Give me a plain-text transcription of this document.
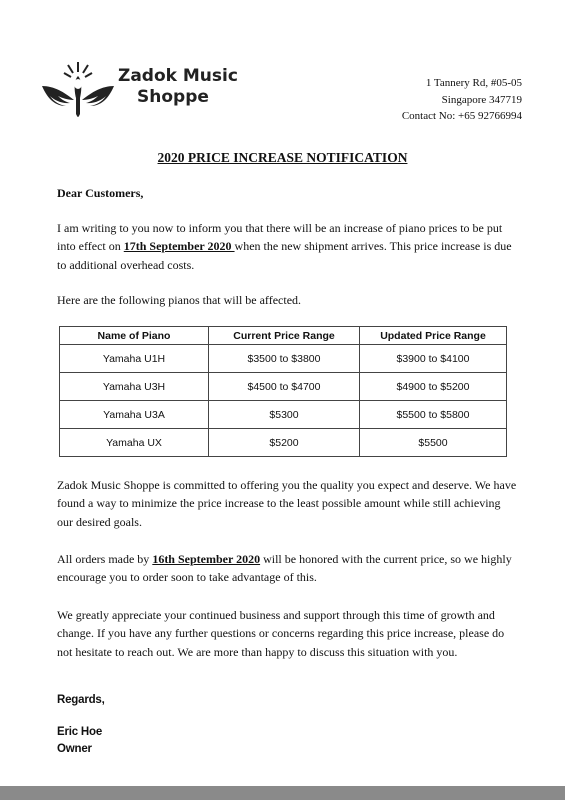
Zadok Music
Shoppe
1 Tannery Rd, #05-05
Singapore 347719
Contact No: +65 92766994
2020 PRICE INCREASE NOTIFICATION
Dear Customers,

I am writing to you now to inform you that there will be an increase of piano prices to be put into effect on 17th September 2020 when the new shipment arrives. This price increase is due to additional overhead costs.

Here are the following pianos that will be affected.

Name of Piano	Current Price Range	Updated Price Range
Yamaha U1H	$3500 to $3800	$3900 to $4100
Yamaha U3H	$4500 to $4700	$4900 to $5200
Yamaha U3A	$5300	$5500 to $5800
Yamaha UX	$5200	$5500

Zadok Music Shoppe is committed to offering you the quality you expect and deserve. We have found a way to minimize the price increase to the least possible amount while still achieving our desired goals.

All orders made by 16th September 2020 will be honored with the current price, so we highly encourage you to order soon to take advantage of this.

We greatly appreciate your continued business and support through this time of growth and change. If you have any further questions or concerns regarding this price increase, please do not hesitate to reach out. We are more than happy to discuss this situation with you.

Regards,
Eric Hoe
Owner
